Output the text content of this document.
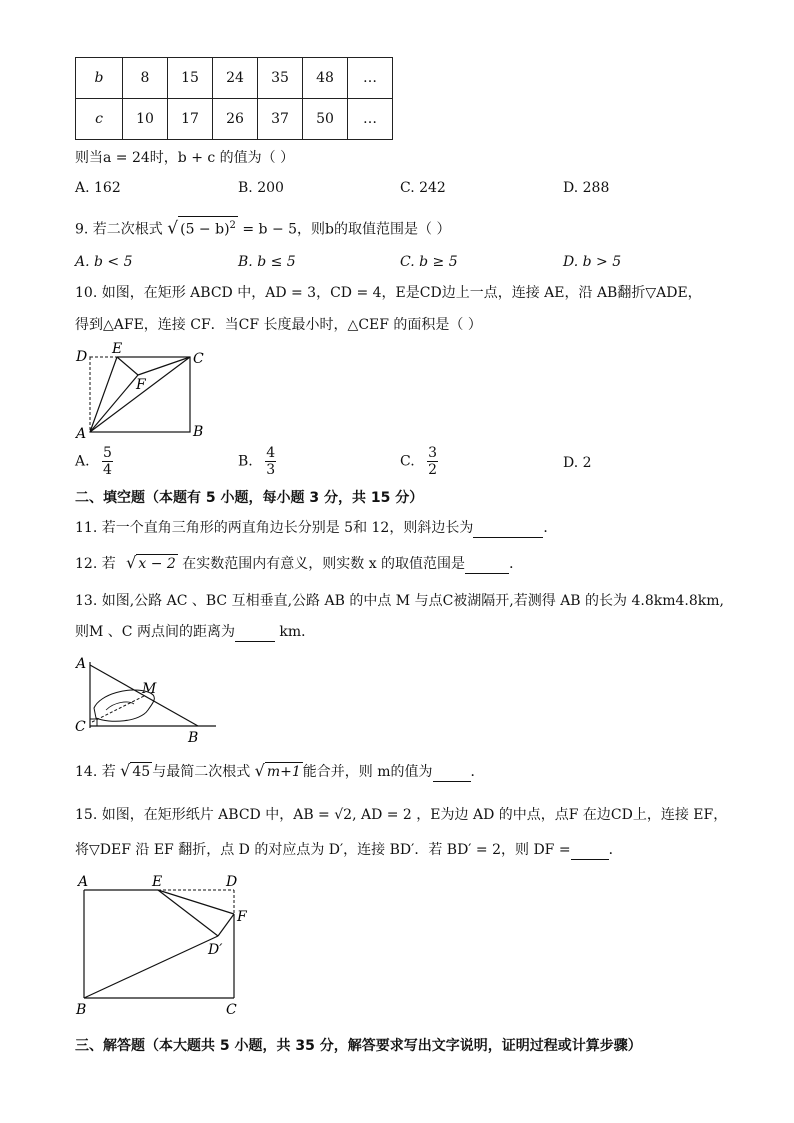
b	8	15	24	35	48	…
c	10	17	26	37	50	…
则当a = 24时，b + c 的值为（ ）
A. 162	B. 200	C. 242	D. 288
9. 若二次根式 √ $(5 - b)^2 = b - 5$，则b的取值范围是（ ）
A. b < 5	B. b ≤ 5	C. b ≥ 5	D. b > 5
10. 如图，在矩形 ABCD 中，AD = 3，CD = 4，E是CD边上一点，连接 AE，沿 AB翻折▽ADE，
得到△AFE，连接 CF．当CF 长度最小时，△CEF 的面积是（ ）
D E
C
F
A	B
A. $\frac{5}{4}$	B. $\frac{4}{3}$	C. $\frac{3}{2}$	D. 2
二、填空题（本题有 5 小题，每小题 3 分，共 15 分）
11. 若一个直角三角形的两直角边长分别是 5和 12，则斜边长为	．
12. 若 √ x − 2 在实数范围内有意义，则实数 x 的取值范围是	．
13. 如图,公路 AC 、BC 互相垂直,公路 AB 的中点 M 与点C被湖隔开,若测得 AB 的长为 4.8km4.8km,
则M 、C 两点间的距离为	km．
A
M
C
B
14. 若 √ 45 与最简二次根式 √ m+1 能合并，则 m的值为	．
15. 如图，在矩形纸片 ABCD 中，AB = √2, AD = 2 ，E为边 AD 的中点，点F 在边CD上，连接 EF，
将▽DEF 沿 EF 翻折，点 D 的对应点为 D′，连接 BD′．若 BD′ = 2，则 DF =	．
A	E	D
F
D′
B	C
三、解答题（本大题共 5 小题，共 35 分，解答要求写出文字说明，证明过程或计算步骤）
